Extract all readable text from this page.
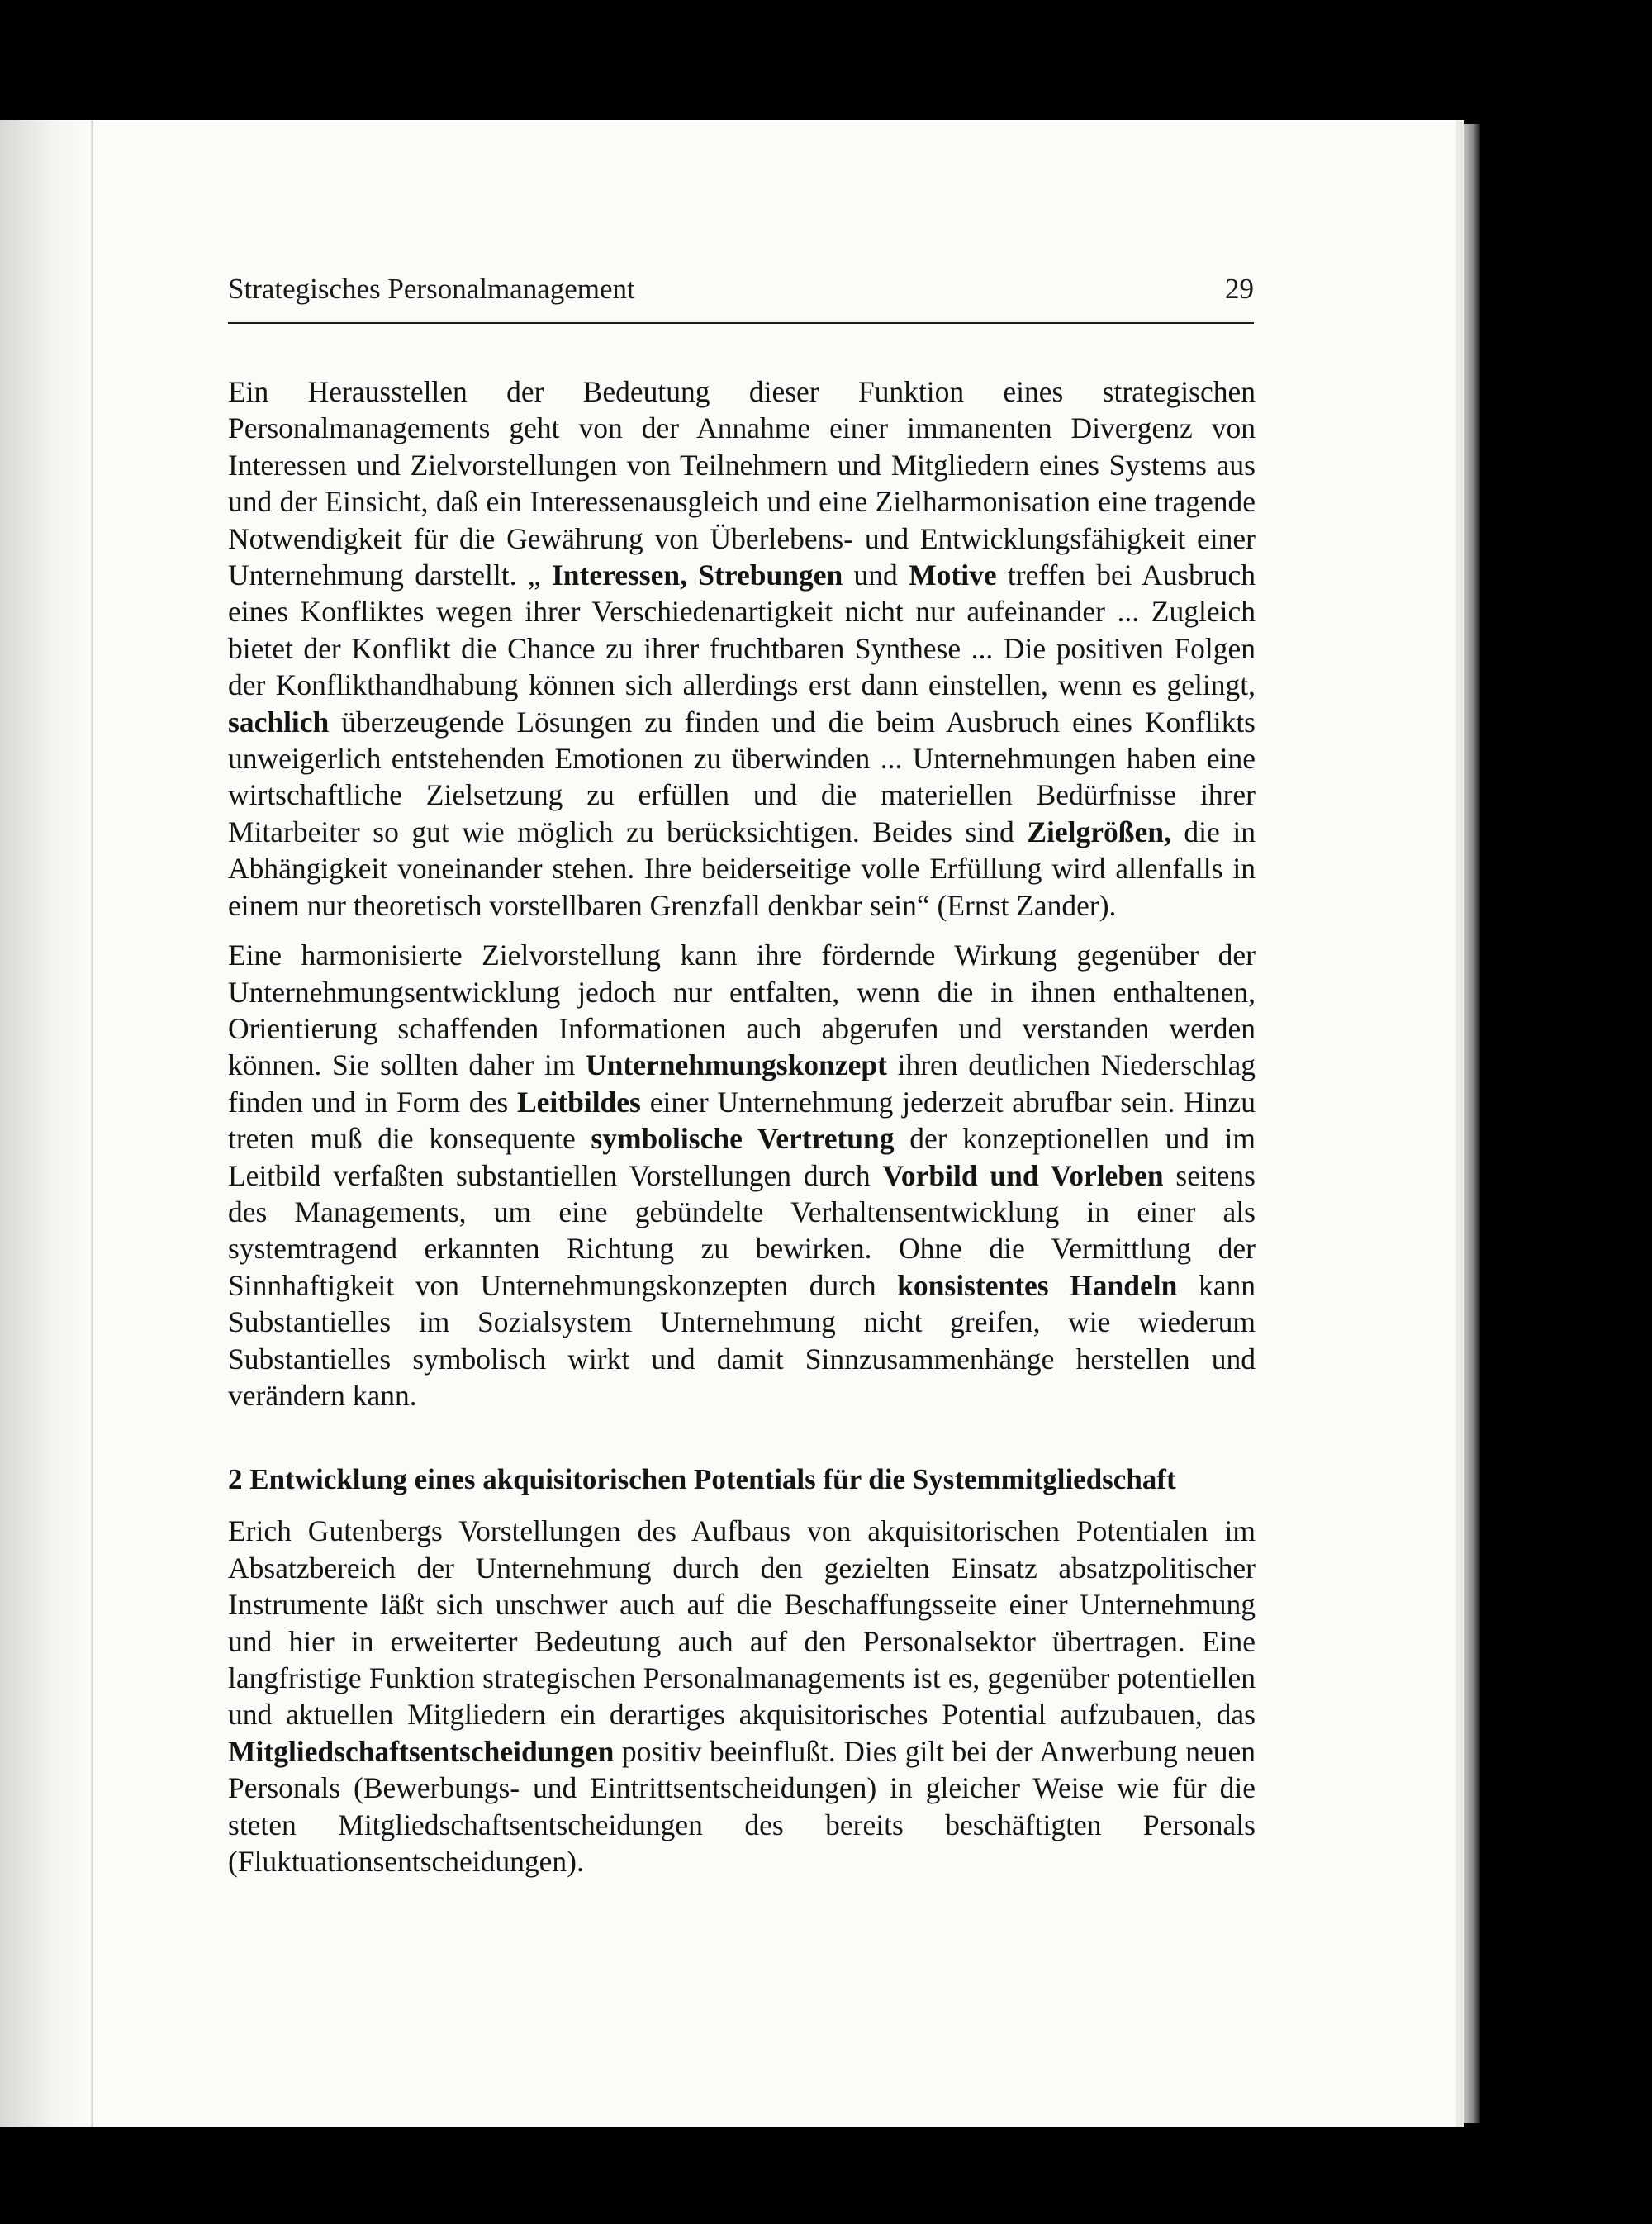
Strategisches Personalmanagement	29

Ein Herausstellen der Bedeutung dieser Funktion eines strategischen Personalmanagements geht von der Annahme einer immanenten Divergenz von Interessen und Zielvorstellungen von Teilnehmern und Mitgliedern eines Systems aus und der Einsicht, daß ein Interessenausgleich und eine Zielharmonisation eine tragende Notwendigkeit für die Gewährung von Überlebens- und Entwicklungsfähigkeit einer Unternehmung darstellt. „ Interessen, Strebungen und Motive treffen bei Ausbruch eines Konfliktes wegen ihrer Verschiedenartigkeit nicht nur aufeinander ... Zugleich bietet der Konflikt die Chance zu ihrer fruchtbaren Synthese ... Die positiven Folgen der Konflikthandhabung können sich allerdings erst dann einstellen, wenn es gelingt, sachlich überzeugende Lösungen zu finden und die beim Ausbruch eines Konflikts unweigerlich entstehenden Emotionen zu überwinden ... Unternehmungen haben eine wirtschaftliche Zielsetzung zu erfüllen und die materiellen Bedürfnisse ihrer Mitarbeiter so gut wie möglich zu berücksichtigen. Beides sind Zielgrößen, die in Abhängigkeit voneinander stehen. Ihre beiderseitige volle Erfüllung wird allenfalls in einem nur theoretisch vorstellbaren Grenzfall denkbar sein“ (Ernst Zander).

Eine harmonisierte Zielvorstellung kann ihre fördernde Wirkung gegenüber der Unternehmungsentwicklung jedoch nur entfalten, wenn die in ihnen enthaltenen, Orientierung schaffenden Informationen auch abgerufen und verstanden werden können. Sie sollten daher im Unternehmungskonzept ihren deutlichen Niederschlag finden und in Form des Leitbildes einer Unternehmung jederzeit abrufbar sein. Hinzu treten muß die konsequente symbolische Vertretung der konzeptionellen und im Leitbild verfaßten substantiellen Vorstellungen durch Vorbild und Vorleben seitens des Managements, um eine gebündelte Verhaltensentwicklung in einer als systemtragend erkannten Richtung zu bewirken. Ohne die Vermittlung der Sinnhaftigkeit von Unternehmungskonzepten durch konsistentes Handeln kann Substantielles im Sozialsystem Unternehmung nicht greifen, wie wiederum Substantielles symbolisch wirkt und damit Sinnzusammenhänge herstellen und verändern kann.

2 Entwicklung eines akquisitorischen Potentials für die Systemmitgliedschaft

Erich Gutenbergs Vorstellungen des Aufbaus von akquisitorischen Potentialen im Absatzbereich der Unternehmung durch den gezielten Einsatz absatzpolitischer Instrumente läßt sich unschwer auch auf die Beschaffungsseite einer Unternehmung und hier in erweiterter Bedeutung auch auf den Personalsektor übertragen. Eine langfristige Funktion strategischen Personalmanagements ist es, gegenüber potentiellen und aktuellen Mitgliedern ein derartiges akquisitorisches Potential aufzubauen, das Mitgliedschaftsentscheidungen positiv beeinflußt. Dies gilt bei der Anwerbung neuen Personals (Bewerbungs- und Eintrittsentscheidungen) in gleicher Weise wie für die steten Mitgliedschaftsentscheidungen des bereits beschäftigten Personals (Fluktuationsentscheidungen).
